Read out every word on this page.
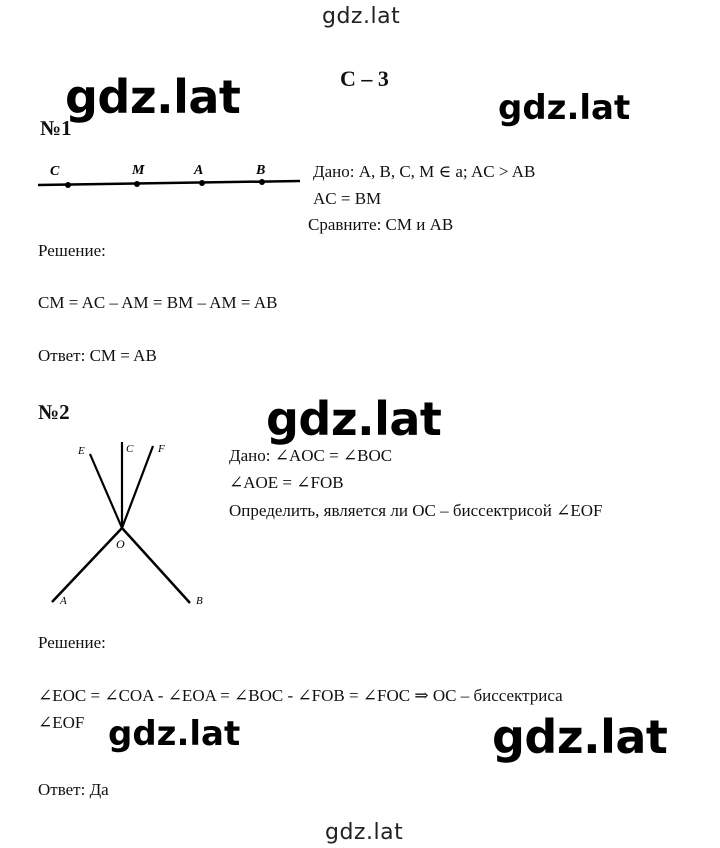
gdz.lat
gdz.lat	gdz.lat
gdz.lat
gdz.lat	gdz.lat
gdz.lat
С – 3
№1
C	M	A	B	Дано: A, B, C, M ∈ a; AC > AB
AC = BM
Сравните: CM и AB
Решение:
CM = AC – AM = BM – AM = AB
Ответ: CM = AB
№2
E	C F
O
A	B
Дано: ∠AOC = ∠BOC
∠AOE = ∠FOB
Определить, является ли OC – биссектрисой ∠EOF
Решение:
∠EOC = ∠COA - ∠EOA = ∠BOC - ∠FOB = ∠FOC ⇒ OC – биссектриса
∠EOF
Ответ: Да
